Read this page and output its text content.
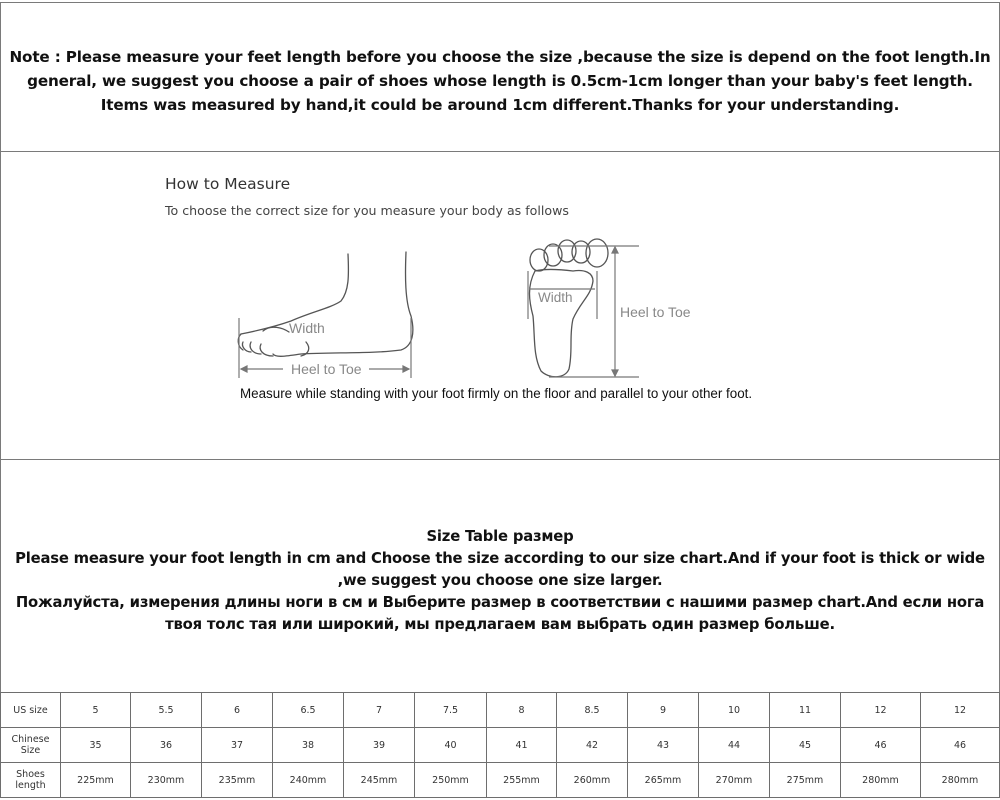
Note : Please measure your feet length before you choose the size ,because the size is depend on the foot length.In general, we suggest you choose a pair of shoes whose length is 0.5cm-1cm longer than your baby's feet length. Items was measured by hand,it could be around 1cm different.Thanks for your understanding.
How to Measure
To choose the correct size for you measure your body as follows
Width
Heel to Toe
Width
Heel to Toe
Measure while standing with your foot firmly on the floor and parallel to your other foot.
Size Table размер
Please measure your foot length in cm and Choose the size according to our size chart.And if your foot is thick or wide ,we suggest you choose one size larger.
Пожалуйста, измерения длины ноги в см и Выберите размер в соответствии с нашими размер chart.And если нога твоя толс тая или широкий, мы предлагаем вам выбрать один размер больше.
US size	5	5.5	6	6.5	7	7.5	8	8.5	9	10	11	12	12
Chinese Size	35	36	37	38	39	40	41	42	43	44	45	46	46
Shoes length	225mm	230mm	235mm	240mm	245mm	250mm	255mm	260mm	265mm	270mm	275mm	280mm	280mm
